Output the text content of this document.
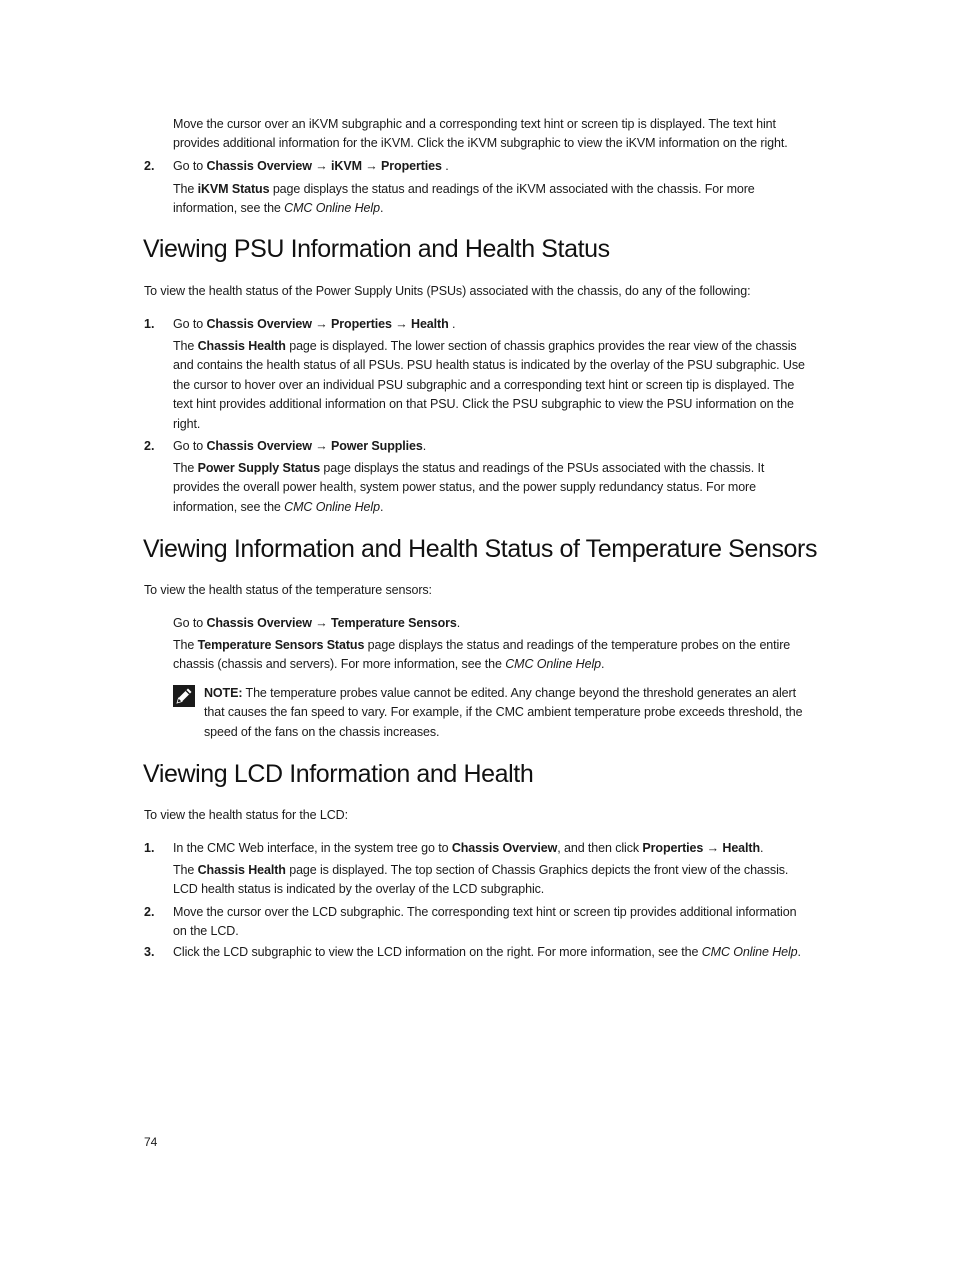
Move the cursor over an iKVM subgraphic and a corresponding text hint or screen tip is displayed. The text hint
provides additional information for the iKVM. Click the iKVM subgraphic to view the iKVM information on the right.
2. Go to Chassis Overview → iKVM → Properties .
The iKVM Status page displays the status and readings of the iKVM associated with the chassis. For more
information, see the CMC Online Help.
Viewing PSU Information and Health Status
To view the health status of the Power Supply Units (PSUs) associated with the chassis, do any of the following:
1. Go to Chassis Overview → Properties → Health .
The Chassis Health page is displayed. The lower section of chassis graphics provides the rear view of the chassis
and contains the health status of all PSUs. PSU health status is indicated by the overlay of the PSU subgraphic. Use
the cursor to hover over an individual PSU subgraphic and a corresponding text hint or screen tip is displayed. The
text hint provides additional information on that PSU. Click the PSU subgraphic to view the PSU information on the
right.
2. Go to Chassis Overview → Power Supplies.
The Power Supply Status page displays the status and readings of the PSUs associated with the chassis. It
provides the overall power health, system power status, and the power supply redundancy status. For more
information, see the CMC Online Help.
Viewing Information and Health Status of Temperature Sensors
To view the health status of the temperature sensors:
Go to Chassis Overview → Temperature Sensors.
The Temperature Sensors Status page displays the status and readings of the temperature probes on the entire
chassis (chassis and servers). For more information, see the CMC Online Help.
NOTE: The temperature probes value cannot be edited. Any change beyond the threshold generates an alert
that causes the fan speed to vary. For example, if the CMC ambient temperature probe exceeds threshold, the
speed of the fans on the chassis increases.
Viewing LCD Information and Health
To view the health status for the LCD:
1. In the CMC Web interface, in the system tree go to Chassis Overview, and then click Properties → Health.
The Chassis Health page is displayed. The top section of Chassis Graphics depicts the front view of the chassis.
LCD health status is indicated by the overlay of the LCD subgraphic.
2. Move the cursor over the LCD subgraphic. The corresponding text hint or screen tip provides additional information
on the LCD.
3. Click the LCD subgraphic to view the LCD information on the right. For more information, see the CMC Online Help.
74
